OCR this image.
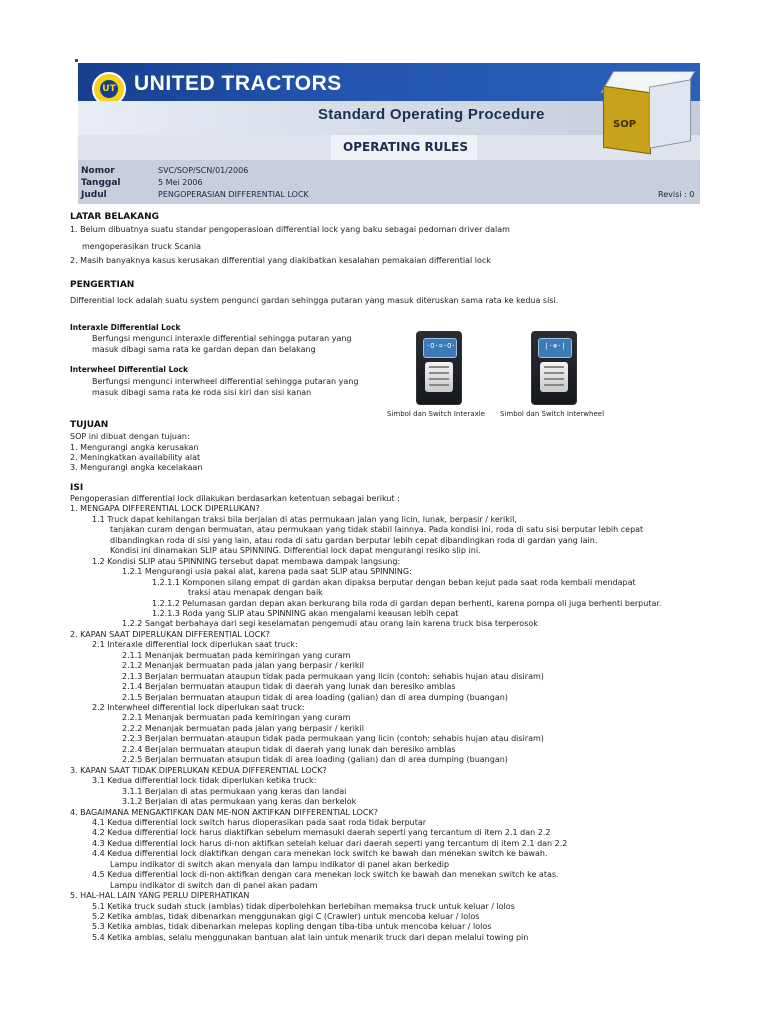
UT UNITED TRACTORS
Standard Operating Procedure
OPERATING RULES
Nomor	SVC/SOP/SCN/01/2006
Tanggal	5 Mei 2006
Judul	PENGOPERASIAN DIFFERENTIAL LOCK	Revisi : 0
SOP
LATAR BELAKANG
1. Belum dibuatnya suatu standar pengoperasioan differential lock yang baku sebagai pedoman driver dalam
mengoperasikan truck Scania
2. Masih banyaknya kasus kerusakan differential yang diakibatkan kesalahan pemakaian differential lock
PENGERTIAN
Differential lock adalah suatu system pengunci gardan sehingga putaran yang masuk diteruskan sama rata ke kedua sisi.
Interaxle Differential Lock
Berfungsi mengunci interaxle differential sehingga putaran yang
masuk dibagi sama rata ke gardan depan dan belakang
Interwheel Differential Lock
Berfungsi mengunci interwheel differential sehingga putaran yang
masuk dibagi sama rata ke roda sisi kiri dan sisi kanan
·O·=·O·	|·⊗·|
Simbol dan Switch Interaxle Simbol dan Switch Interwheel
TUJUAN
SOP ini dibuat dengan tujuan:
1. Mengurangi angka kerusakan
2. Meningkatkan availability alat
3. Mengurangi angka kecelakaan
ISI
Pengoperasian differential lock dilakukan berdasarkan ketentuan sebagai berikut :
1. MENGAPA DIFFERENTIAL LOCK DIPERLUKAN?
1.1 Truck dapat kehilangan traksi bila berjalan di atas permukaan jalan yang licin, lunak, berpasir / kerikil,
tanjakan curam dengan bermuatan, atau permukaan yang tidak stabil lainnya. Pada kondisi ini, roda di satu sisi berputar lebih cepat
dibandingkan roda di sisi yang lain, atau roda di satu gardan berputar lebih cepat dibandingkan roda di gardan yang lain.
Kondisi ini dinamakan SLIP atau SPINNING. Differential lock dapat mengurangi resiko slip ini.
1.2 Kondisi SLIP atau SPINNING tersebut dapat membawa dampak langsung:
1.2.1 Mengurangi usia pakai alat, karena pada saat SLIP atau SPINNING:
1.2.1.1 Komponen silang empat di gardan akan dipaksa berputar dengan beban kejut pada saat roda kembali mendapat
traksi atau menapak dengan baik
1.2.1.2 Pelumasan gardan depan akan berkurang bila roda di gardan depan berhenti, karena pompa oli juga berhenti berputar.
1.2.1.3 Roda yang SLIP atau SPINNING akan mengalami keausan lebih cepat
1.2.2 Sangat berbahaya dari segi keselamatan pengemudi atau orang lain karena truck bisa terperosok
2. KAPAN SAAT DIPERLUKAN DIFFERENTIAL LOCK?
2.1 Interaxle differential lock diperlukan saat truck:
2.1.1 Menanjak bermuatan pada kemiringan yang curam
2.1.2 Menanjak bermuatan pada jalan yang berpasir / kerikil
2.1.3 Berjalan bermuatan ataupun tidak pada permukaan yang licin (contoh: sehabis hujan atau disiram)
2.1.4 Berjalan bermuatan ataupun tidak di daerah yang lunak dan beresiko amblas
2.1.5 Berjalan bermuatan ataupun tidak di area loading (galian) dan di area dumping (buangan)
2.2 Interwheel differential lock diperlukan saat truck:
2.2.1 Menanjak bermuatan pada kemiringan yang curam
2.2.2 Menanjak bermuatan pada jalan yang berpasir / kerikil
2.2.3 Berjalan bermuatan ataupun tidak pada permukaan yang licin (contoh: sehabis hujan atau disiram)
2.2.4 Berjalan bermuatan ataupun tidak di daerah yang lunak dan beresiko amblas
2.2.5 Berjalan bermuatan ataupun tidak di area loading (galian) dan di area dumping (buangan)
3. KAPAN SAAT TIDAK DIPERLUKAN KEDUA DIFFERENTIAL LOCK?
3.1 Kedua differential lock tidak diperlukan ketika truck:
3.1.1 Berjalan di atas permukaan yang keras dan landai
3.1.2 Berjalan di atas permukaan yang keras dan berkelok
4. BAGAIMANA MENGAKTIFKAN DAN ME-NON AKTIFKAN DIFFERENTIAL LOCK?
4.1 Kedua differential lock switch harus dioperasikan pada saat roda tidak berputar
4.2 Kedua differential lock harus diaktifkan sebelum memasuki daerah seperti yang tercantum di item 2.1 dan 2.2
4.3 Kedua differential lock harus di-non aktifkan setelah keluar dari daerah seperti yang tercantum di item 2.1 dan 2.2
4.4 Kedua differential lock diaktifkan dengan cara menekan lock switch ke bawah dan menekan switch ke bawah.
Lampu indikator di switch akan menyala dan lampu indikator di panel akan berkedip
4.5 Kedua differential lock di-non aktifkan dengan cara menekan lock switch ke bawah dan menekan switch ke atas.
Lampu indikator di switch dan di panel akan padam
5. HAL-HAL LAIN YANG PERLU DIPERHATIKAN
5.1 Ketika truck sudah stuck (amblas) tidak diperbolehkan berlebihan memaksa truck untuk keluar / lolos
5.2 Ketika amblas, tidak dibenarkan menggunakan gigi C (Crawler) untuk mencoba keluar / lolos
5.3 Ketika amblas, tidak dibenarkan melepas kopling dengan tiba-tiba untuk mencoba keluar / lolos
5.4 Ketika amblas, selalu menggunakan bantuan alat lain untuk menarik truck dari depan melalui towing pin
